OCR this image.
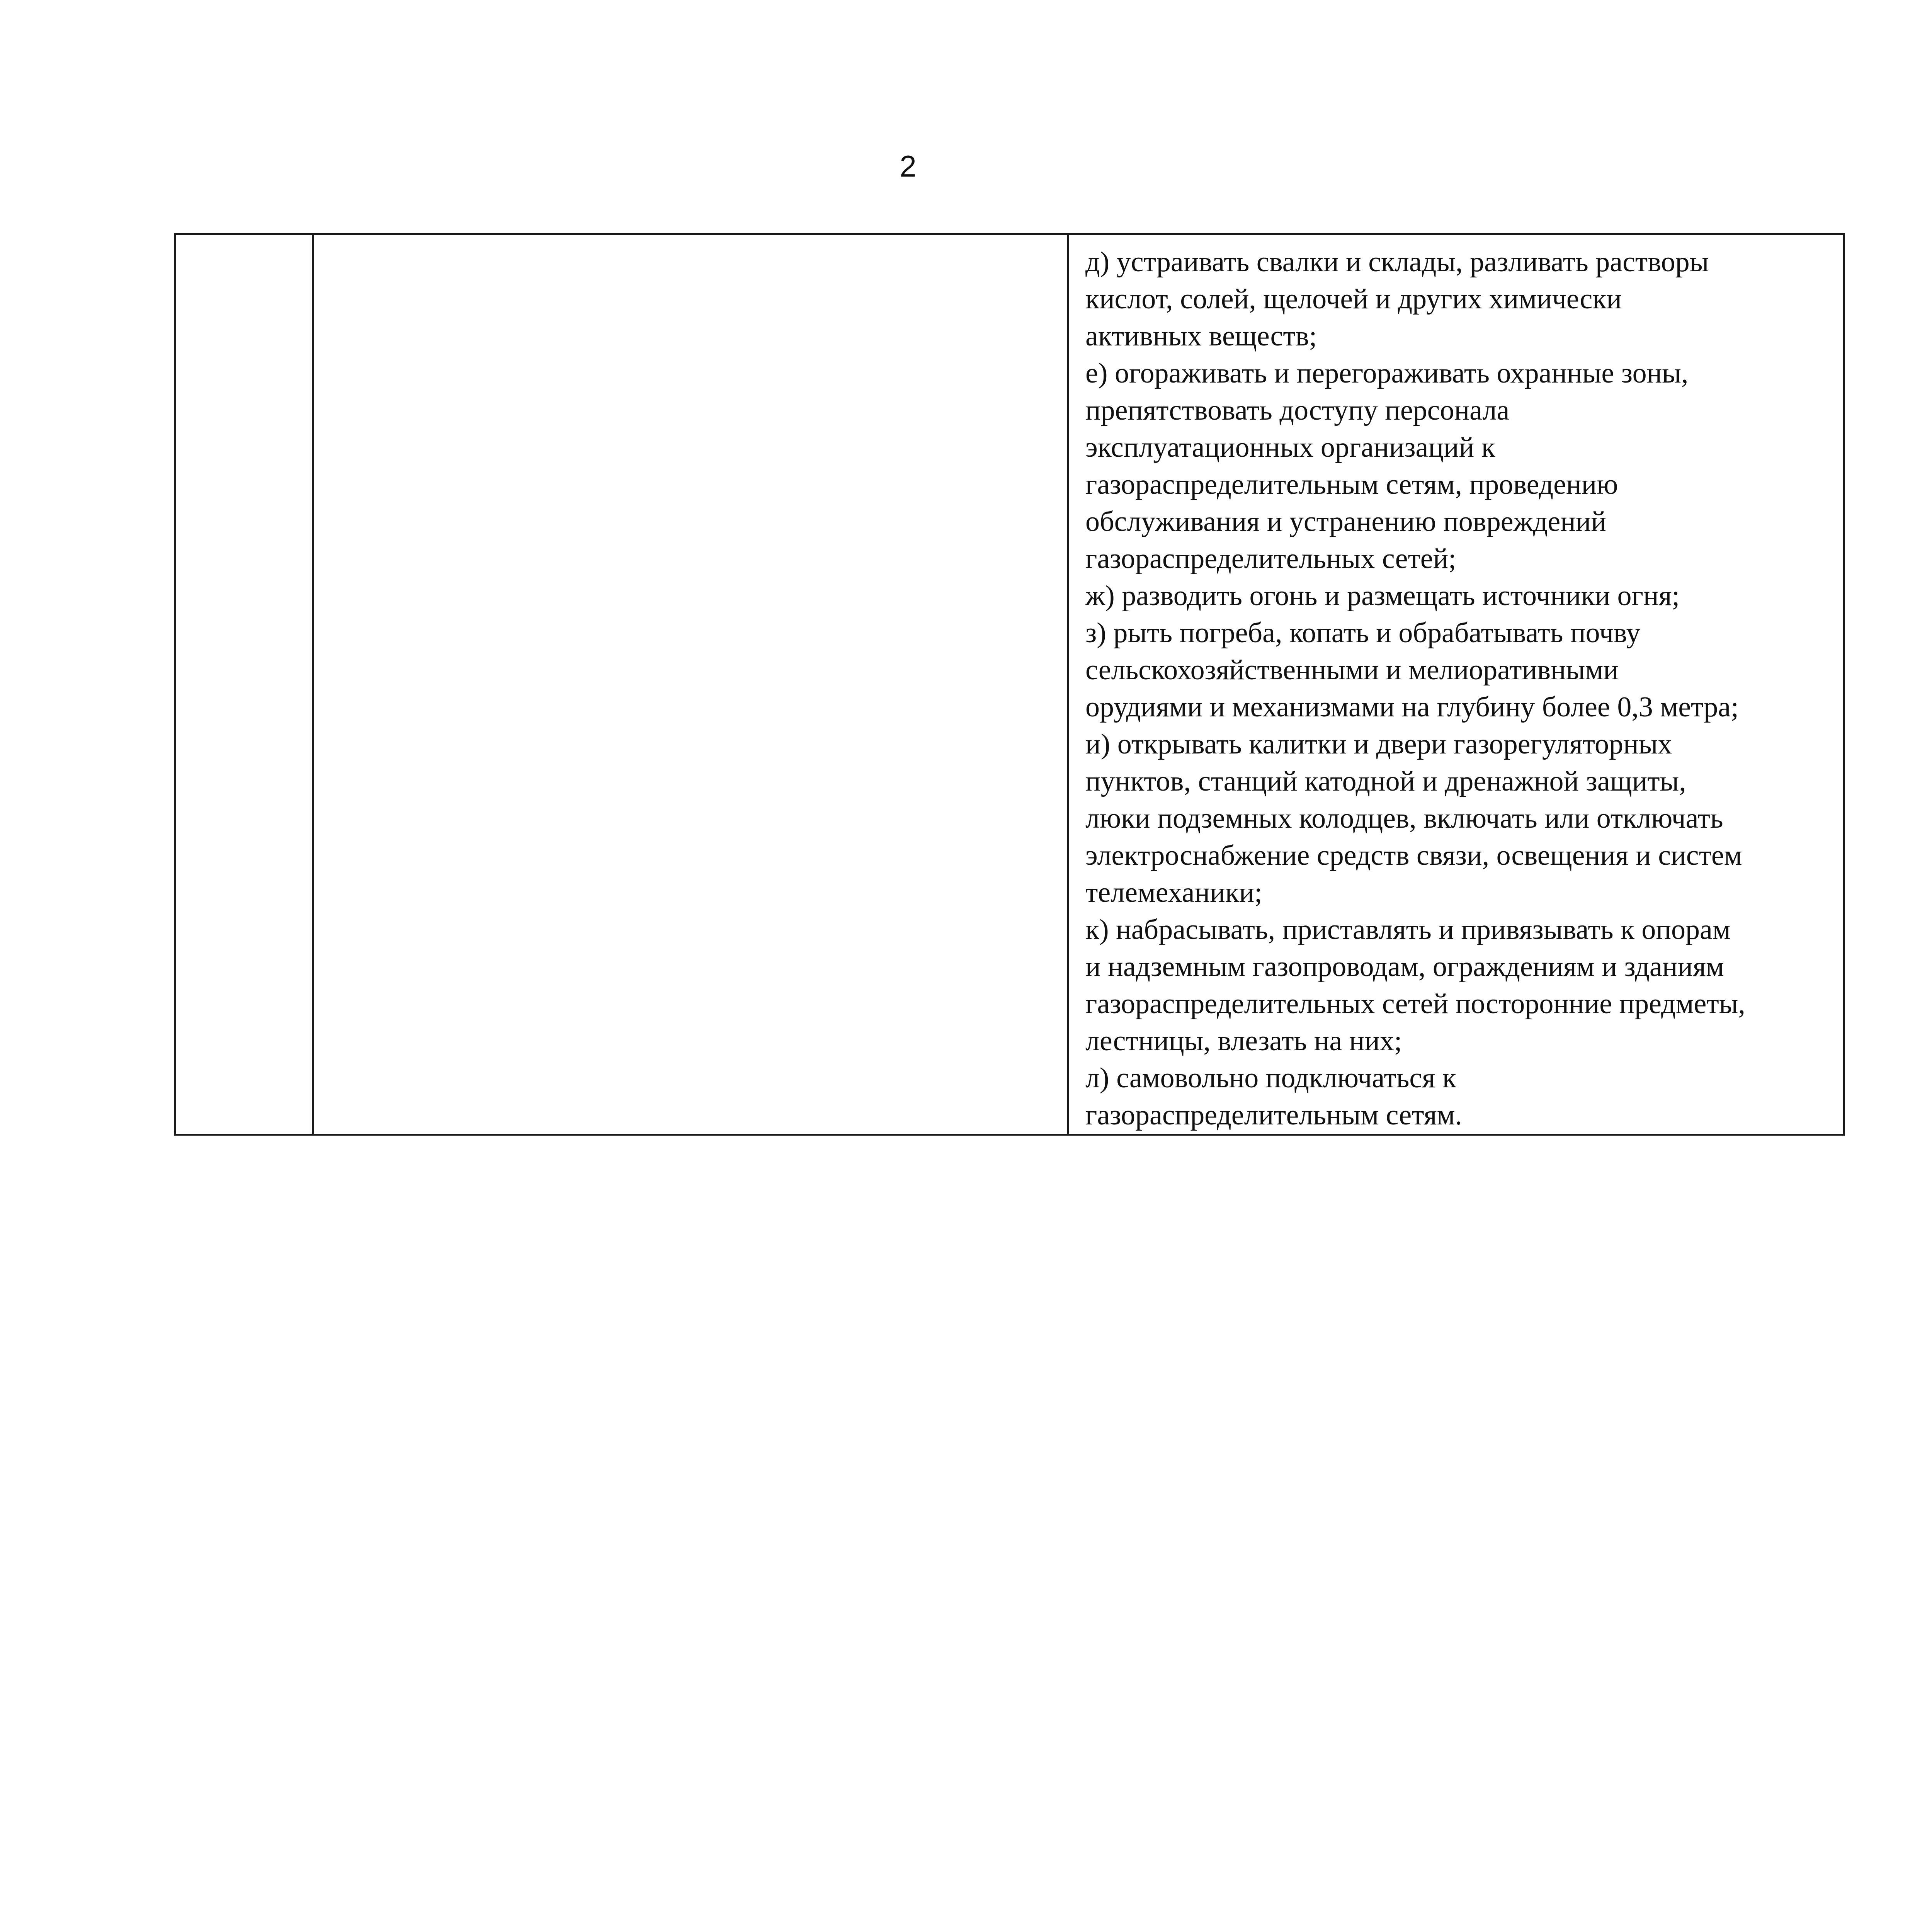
2

д) устраивать свалки и склады, разливать растворы
кислот, солей, щелочей и других химически
активных веществ;
е) огораживать и перегораживать охранные зоны,
препятствовать доступу персонала
эксплуатационных организаций к
газораспределительным сетям, проведению
обслуживания и устранению повреждений
газораспределительных сетей;
ж) разводить огонь и размещать источники огня;
з) рыть погреба, копать и обрабатывать почву
сельскохозяйственными и мелиоративными
орудиями и механизмами на глубину более 0,3 метра;
и) открывать калитки и двери газорегуляторных
пунктов, станций катодной и дренажной защиты,
люки подземных колодцев, включать или отключать
электроснабжение средств связи, освещения и систем
телемеханики;
к) набрасывать, приставлять и привязывать к опорам
и надземным газопроводам, ограждениям и зданиям
газораспределительных сетей посторонние предметы,
лестницы, влезать на них;
л) самовольно подключаться к
газораспределительным сетям.
